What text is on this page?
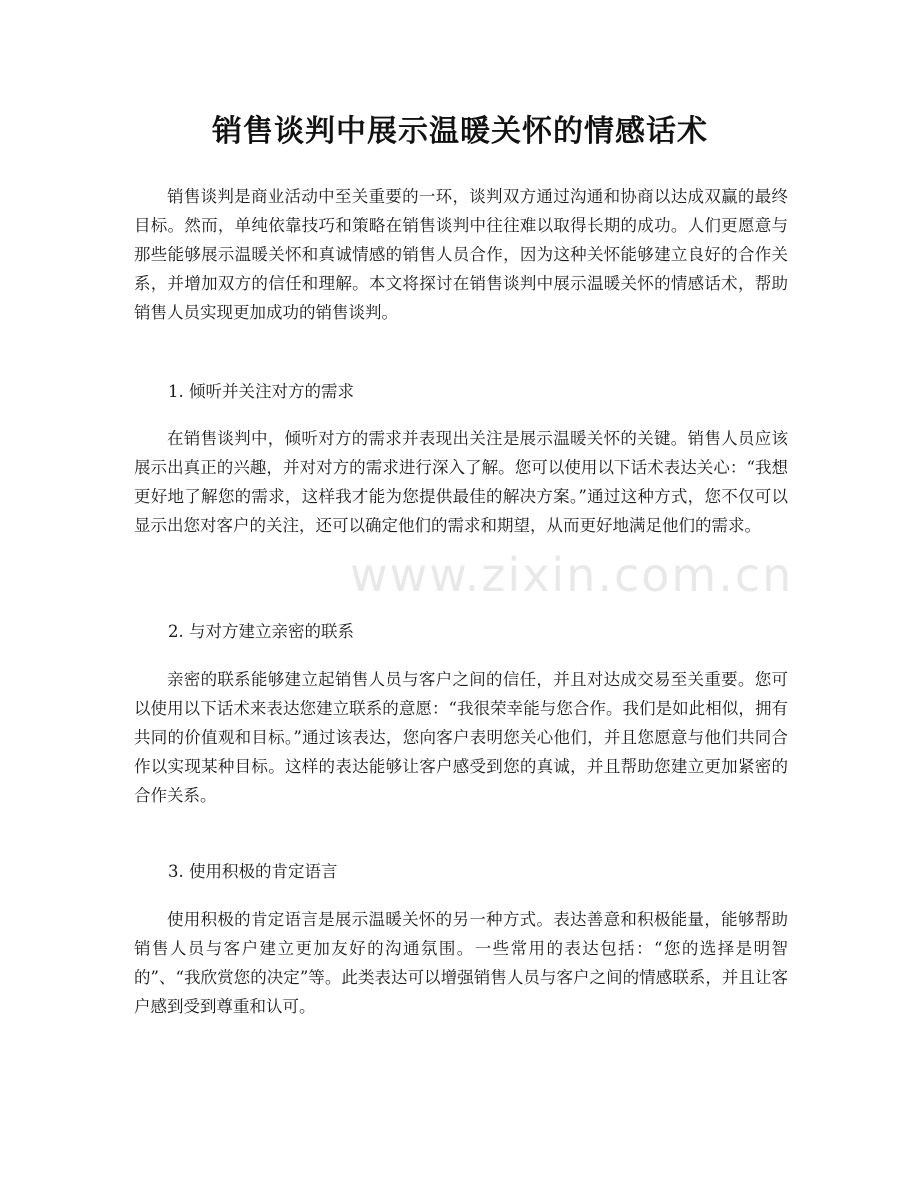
销售谈判中展示温暖关怀的情感话术

销售谈判是商业活动中至关重要的一环，谈判双方通过沟通和协商以达成双赢的最终目标。然而，单纯依靠技巧和策略在销售谈判中往往难以取得长期的成功。人们更愿意与那些能够展示温暖关怀和真诚情感的销售人员合作，因为这种关怀能够建立良好的合作关系，并增加双方的信任和理解。本文将探讨在销售谈判中展示温暖关怀的情感话术，帮助销售人员实现更加成功的销售谈判。

1. 倾听并关注对方的需求

在销售谈判中，倾听对方的需求并表现出关注是展示温暖关怀的关键。销售人员应该展示出真正的兴趣，并对对方的需求进行深入了解。您可以使用以下话术表达关心：“我想更好地了解您的需求，这样我才能为您提供最佳的解决方案。”通过这种方式，您不仅可以显示出您对客户的关注，还可以确定他们的需求和期望，从而更好地满足他们的需求。

2. 与对方建立亲密的联系

亲密的联系能够建立起销售人员与客户之间的信任，并且对达成交易至关重要。您可以使用以下话术来表达您建立联系的意愿：“我很荣幸能与您合作。我们是如此相似，拥有共同的价值观和目标。”通过该表达，您向客户表明您关心他们，并且您愿意与他们共同合作以实现某种目标。这样的表达能够让客户感受到您的真诚，并且帮助您建立更加紧密的合作关系。

3. 使用积极的肯定语言

使用积极的肯定语言是展示温暖关怀的另一种方式。表达善意和积极能量，能够帮助销售人员与客户建立更加友好的沟通氛围。一些常用的表达包括：“您的选择是明智的”、“我欣赏您的决定”等。此类表达可以增强销售人员与客户之间的情感联系，并且让客户感到受到尊重和认可。

www.zixin.com.cn
